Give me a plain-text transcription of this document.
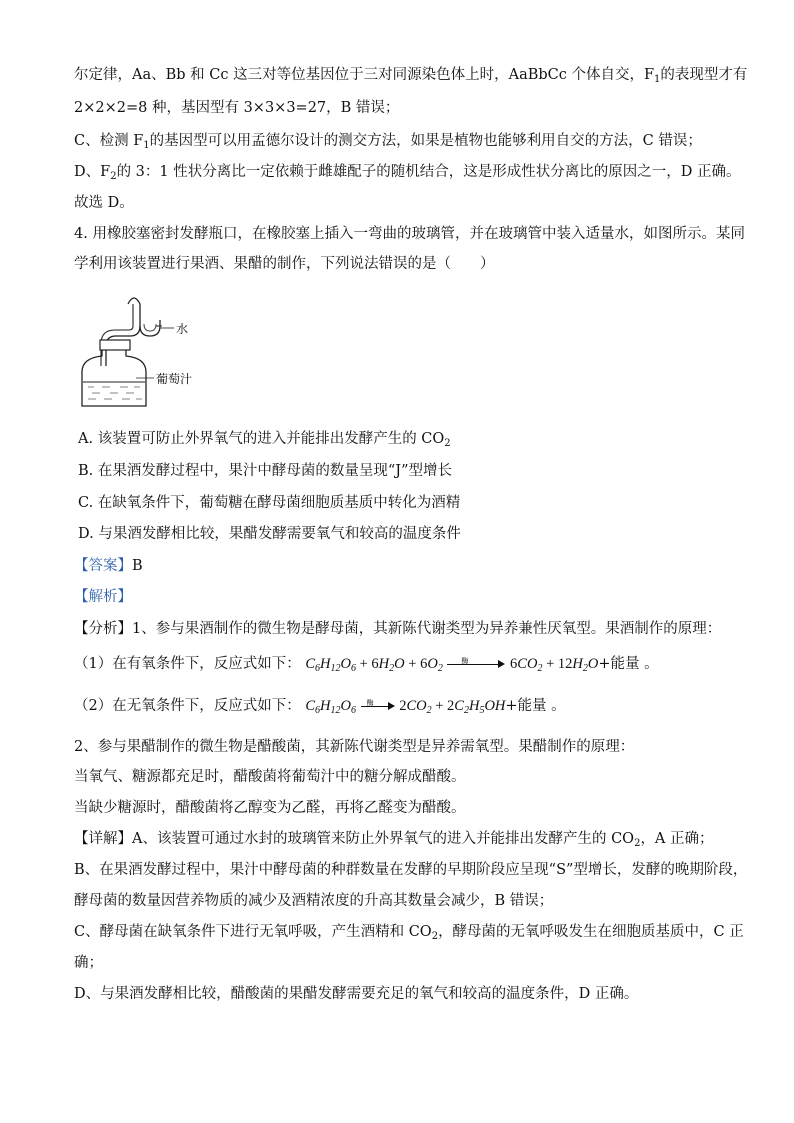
尔定律，Aa、Bb 和 Cc 这三对等位基因位于三对同源染色体上时，AaBbCc 个体自交，$F_1$的表现型才有
2×2×2=8 种，基因型有 3×3×3=27，B 错误；
C、检测 $F_1$的基因型可以用孟德尔设计的测交方法，如果是植物也能够利用自交的方法，C 错误；
D、$F_2$的 3：1 性状分离比一定依赖于雌雄配子的随机结合，这是形成性状分离比的原因之一，D 正确。
故选 D。
4. 用橡胶塞密封发酵瓶口，在橡胶塞上插入一弯曲的玻璃管，并在玻璃管中装入适量水，如图所示。某同
学利用该装置进行果酒、果醋的制作，下列说法错误的是（　　）
水
葡萄汁
A. 该装置可防止外界氧气的进入并能排出发酵产生的 $CO_2$
B. 在果酒发酵过程中，果汁中酵母菌的数量呈现“J”型增长
C. 在缺氧条件下，葡萄糖在酵母菌细胞质基质中转化为酒精
D. 与果酒发酵相比较，果醋发酵需要氧气和较高的温度条件
【答案】B
【解析】
【分析】1、参与果酒制作的微生物是酵母菌，其新陈代谢类型为异养兼性厌氧型。果酒制作的原理：
（1）在有氧条件下，反应式如下： $C_6H_{12}O_6 + 6H_2O + 6O_2$
酶	$6CO_2 + 12H_2O+$能量 。
（2）在无氧条件下，反应式如下： $C_6H_{12}O_6$
酶 $2CO_2 + 2C_2H_5OH+$能量 。
2、参与果醋制作的微生物是醋酸菌，其新陈代谢类型是异养需氧型。果醋制作的原理：
当氧气、糖源都充足时，醋酸菌将葡萄汁中的糖分解成醋酸。
当缺少糖源时，醋酸菌将乙醇变为乙醛，再将乙醛变为醋酸。
【详解】A、该装置可通过水封的玻璃管来防止外界氧气的进入并能排出发酵产生的 $CO_2$，A 正确；
B、在果酒发酵过程中，果汁中酵母菌的种群数量在发酵的早期阶段应呈现“S”型增长，发酵的晚期阶段，
酵母菌的数量因营养物质的减少及酒精浓度的升高其数量会减少，B 错误；
C、酵母菌在缺氧条件下进行无氧呼吸，产生酒精和 $CO_2$，酵母菌的无氧呼吸发生在细胞质基质中，C 正
确；
D、与果酒发酵相比较，醋酸菌的果醋发酵需要充足的氧气和较高的温度条件，D 正确。
